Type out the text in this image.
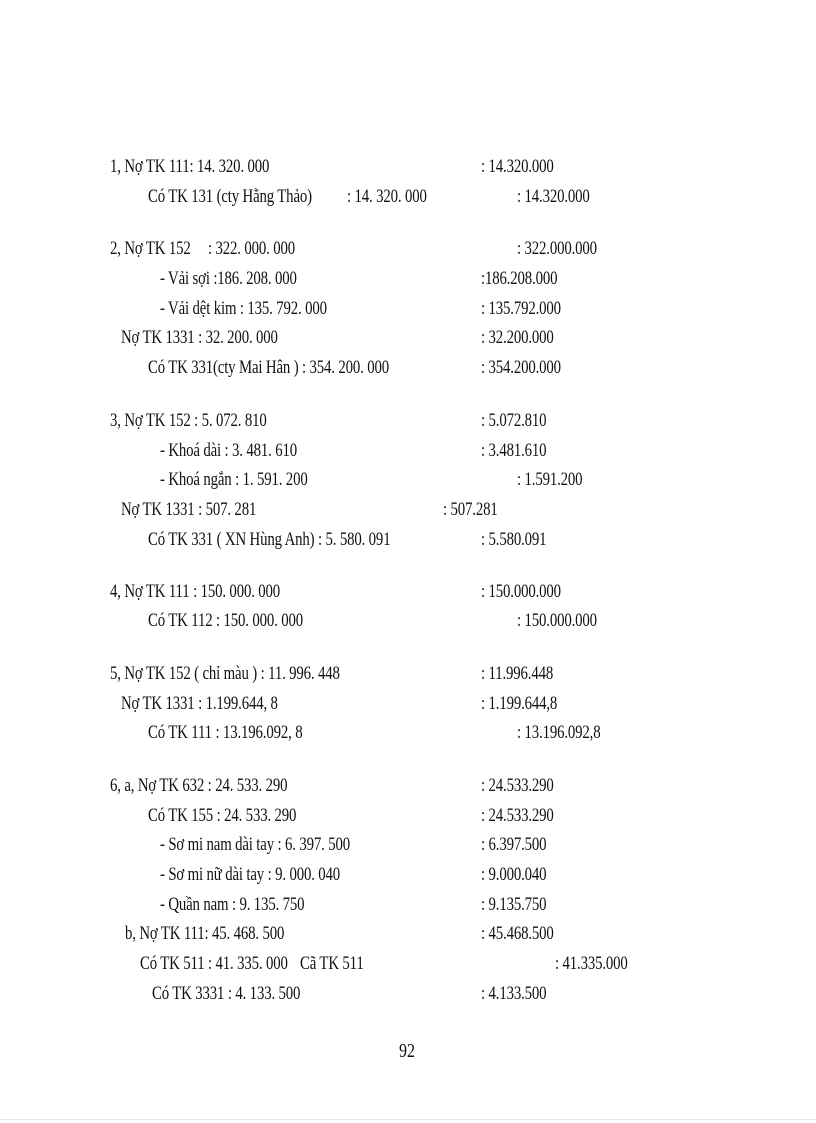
1, Nợ TK 111: 14. 320. 000	: 14.320.000
Có TK 131 (cty Hằng Thảo) : 14. 320. 000	: 14.320.000
2, Nợ TK 152 : 322. 000. 000	: 322.000.000
- Vải sợi :186. 208. 000	:186.208.000
- Vải dệt kim : 135. 792. 000	: 135.792.000
Nợ TK 1331 : 32. 200. 000	: 32.200.000
Có TK 331(cty Mai Hân ) : 354. 200. 000	: 354.200.000
3, Nợ TK 152 : 5. 072. 810	: 5.072.810
- Khoá dài : 3. 481. 610	: 3.481.610
- Khoá ngắn : 1. 591. 200	: 1.591.200
Nợ TK 1331 : 507. 281	: 507.281
Có TK 331 ( XN Hùng Anh) : 5. 580. 091	: 5.580.091
4, Nợ TK 111 : 150. 000. 000	: 150.000.000
Có TK 112 : 150. 000. 000	: 150.000.000
5, Nợ TK 152 ( chỉ màu ) : 11. 996. 448	: 11.996.448
Nợ TK 1331 : 1.199.644, 8	: 1.199.644,8
Có TK 111 : 13.196.092, 8	: 13.196.092,8
6, a, Nợ TK 632 : 24. 533. 290	: 24.533.290
Có TK 155 : 24. 533. 290	: 24.533.290
- Sơ mi nam dài tay : 6. 397. 500	: 6.397.500
- Sơ mi nữ dài tay : 9. 000. 040	: 9.000.040
- Quần nam : 9. 135. 750	: 9.135.750
b, Nợ TK 111: 45. 468. 500	: 45.468.500
Có TK 511 : 41. 335. 000 Cã TK 511	: 41.335.000
Có TK 3331 : 4. 133. 500	: 4.133.500
92
